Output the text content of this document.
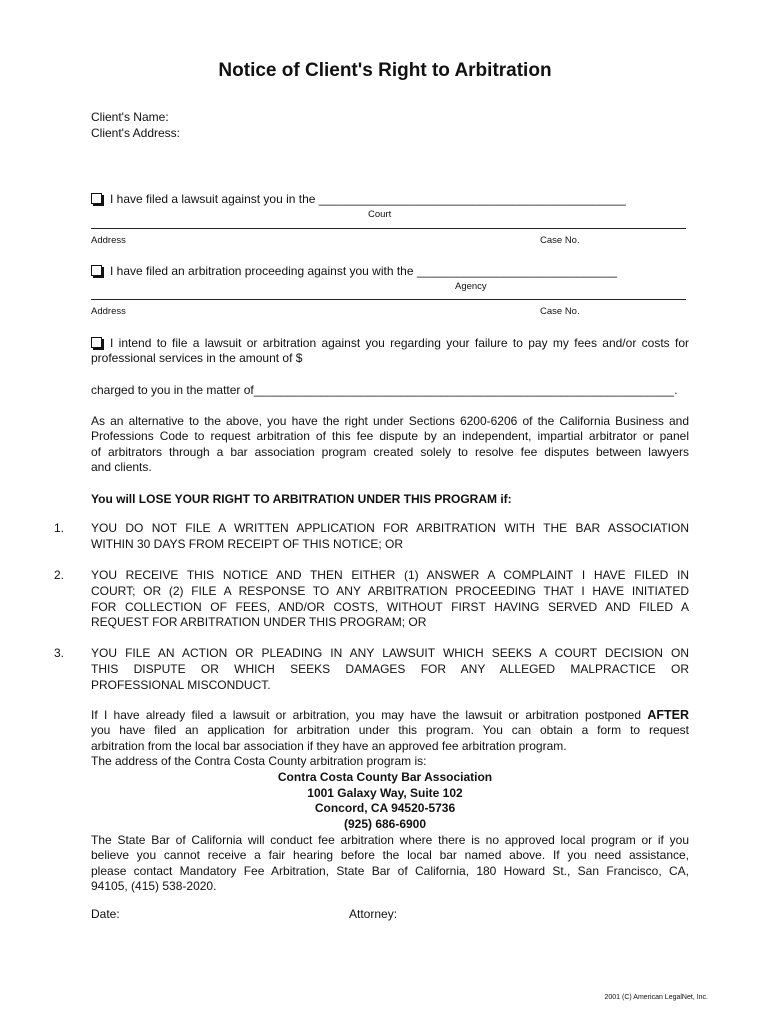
Notice of Client's Right to Arbitration
Client's Name:
Client's Address:
I have filed a lawsuit against you in the ______________________________________________
Court
Address	Case No.
I have filed an arbitration proceeding against you with the ______________________________
Agency
Address	Case No.
I intend to file a lawsuit or arbitration against you regarding your failure to pay my fees and/or costs for
professional services in the amount of $
charged to you in the matter of_______________________________________________________________.
As an alternative to the above, you have the right under Sections 6200-6206 of the California Business and
Professions Code to request arbitration of this fee dispute by an independent, impartial arbitrator or panel
of arbitrators through a bar association program created solely to resolve fee disputes between lawyers
and clients.
You will LOSE YOUR RIGHT TO ARBITRATION UNDER THIS PROGRAM if:
1. YOU DO NOT FILE A WRITTEN APPLICATION FOR ARBITRATION WITH THE BAR ASSOCIATION
WITHIN 30 DAYS FROM RECEIPT OF THIS NOTICE; OR
2. YOU RECEIVE THIS NOTICE AND THEN EITHER (1) ANSWER A COMPLAINT I HAVE FILED IN
COURT; OR (2) FILE A RESPONSE TO ANY ARBITRATION PROCEEDING THAT I HAVE INITIATED
FOR COLLECTION OF FEES, AND/OR COSTS, WITHOUT FIRST HAVING SERVED AND FILED A
REQUEST FOR ARBITRATION UNDER THIS PROGRAM; OR
3. YOU FILE AN ACTION OR PLEADING IN ANY LAWSUIT WHICH SEEKS A COURT DECISION ON
THIS DISPUTE OR WHICH SEEKS DAMAGES FOR ANY ALLEGED MALPRACTICE OR
PROFESSIONAL MISCONDUCT.
If I have already filed a lawsuit or arbitration, you may have the lawsuit or arbitration postponed AFTER
you have filed an application for arbitration under this program. You can obtain a form to request
arbitration from the local bar association if they have an approved fee arbitration program.
The address of the Contra Costa County arbitration program is:
Contra Costa County Bar Association
1001 Galaxy Way, Suite 102
Concord, CA 94520-5736
(925) 686-6900
The State Bar of California will conduct fee arbitration where there is no approved local program or if you
believe you cannot receive a fair hearing before the local bar named above. If you need assistance,
please contact Mandatory Fee Arbitration, State Bar of California, 180 Howard St., San Francisco, CA,
94105, (415) 538-2020.
Date:	Attorney:
2001 (C) American LegalNet, Inc.
